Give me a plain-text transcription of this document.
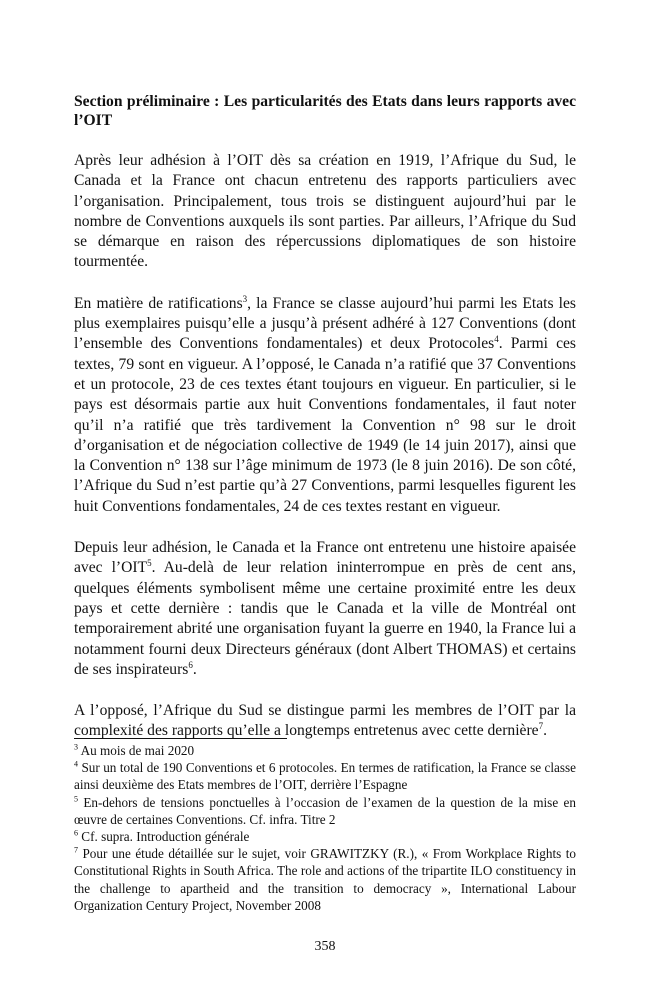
Section préliminaire : Les particularités des Etats dans leurs rapports avec l’OIT

Après leur adhésion à l’OIT dès sa création en 1919, l’Afrique du Sud, le Canada et la France ont chacun entretenu des rapports particuliers avec l’organisation. Principalement, tous trois se distinguent aujourd’hui par le nombre de Conventions auxquels ils sont parties. Par ailleurs, l’Afrique du Sud se démarque en raison des répercussions diplomatiques de son histoire tourmentée.

En matière de ratifications$^3$, la France se classe aujourd’hui parmi les Etats les plus exemplaires puisqu’elle a jusqu’à présent adhéré à 127 Conventions (dont l’ensemble des Conventions fondamentales) et deux Protocoles$^4$. Parmi ces textes, 79 sont en vigueur. A l’opposé, le Canada n’a ratifié que 37 Conventions et un protocole, 23 de ces textes étant toujours en vigueur. En particulier, si le pays est désormais partie aux huit Conventions fondamentales, il faut noter qu’il n’a ratifié que très tardivement la Convention n° 98 sur le droit d’organisation et de négociation collective de 1949 (le 14 juin 2017), ainsi que la Convention n° 138 sur l’âge minimum de 1973 (le 8 juin 2016). De son côté, l’Afrique du Sud n’est partie qu’à 27 Conventions, parmi lesquelles figurent les huit Conventions fondamentales, 24 de ces textes restant en vigueur.

Depuis leur adhésion, le Canada et la France ont entretenu une histoire apaisée avec l’OIT$^5$. Au-delà de leur relation ininterrompue en près de cent ans, quelques éléments symbolisent même une certaine proximité entre les deux pays et cette dernière : tandis que le Canada et la ville de Montréal ont temporairement abrité une organisation fuyant la guerre en 1940, la France lui a notamment fourni deux Directeurs généraux (dont Albert THOMAS) et certains de ses inspirateurs$^6$.

A l’opposé, l’Afrique du Sud se distingue parmi les membres de l’OIT par la complexité des rapports qu’elle a longtemps entretenus avec cette dernière$^7$.

$^3$ Au mois de mai 2020

$^4$ Sur un total de 190 Conventions et 6 protocoles. En termes de ratification, la France se classe ainsi deuxième des Etats membres de l’OIT, derrière l’Espagne

$^5$ En-dehors de tensions ponctuelles à l’occasion de l’examen de la question de la mise en œuvre de certaines Conventions. Cf. infra. Titre 2

$^6$ Cf. supra. Introduction générale

$^7$ Pour une étude détaillée sur le sujet, voir GRAWITZKY (R.), « From Workplace Rights to Constitutional Rights in South Africa. The role and actions of the tripartite ILO constituency in the challenge to apartheid and the transition to democracy », International Labour Organization Century Project, November 2008

358
